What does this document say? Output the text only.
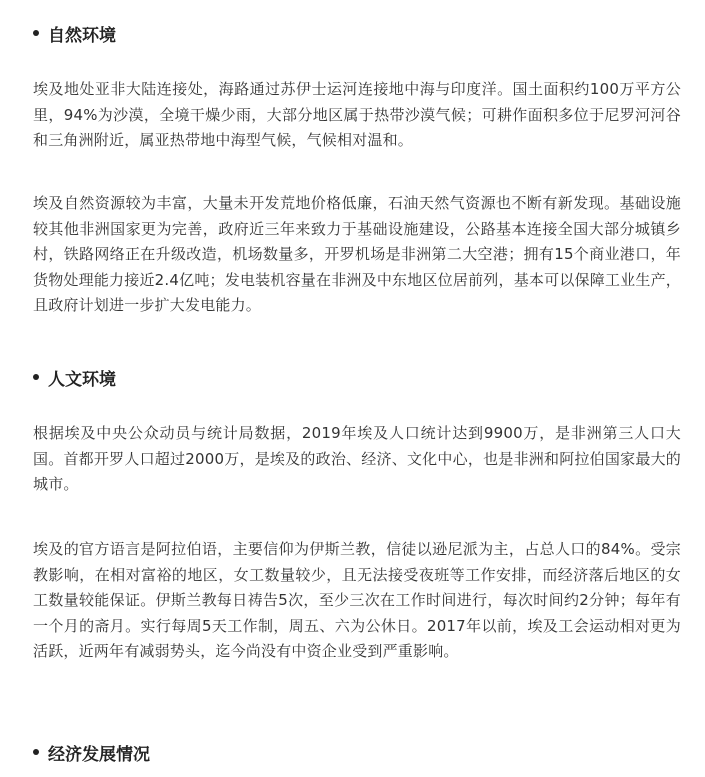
自然环境

埃及地处亚非大陆连接处，海路通过苏伊士运河连接地中海与印度洋。国土面积约100万平方公里，94%为沙漠，全境干燥少雨，大部分地区属于热带沙漠气候；可耕作面积多位于尼罗河河谷和三角洲附近，属亚热带地中海型气候，气候相对温和。

埃及自然资源较为丰富，大量未开发荒地价格低廉，石油天然气资源也不断有新发现。基础设施较其他非洲国家更为完善，政府近三年来致力于基础设施建设，公路基本连接全国大部分城镇乡村，铁路网络正在升级改造，机场数量多，开罗机场是非洲第二大空港；拥有15个商业港口，年货物处理能力接近2.4亿吨；发电装机容量在非洲及中东地区位居前列，基本可以保障工业生产，且政府计划进一步扩大发电能力。

人文环境

根据埃及中央公众动员与统计局数据，2019年埃及人口统计达到9900万，是非洲第三人口大国。首都开罗人口超过2000万，是埃及的政治、经济、文化中心，也是非洲和阿拉伯国家最大的城市。

埃及的官方语言是阿拉伯语，主要信仰为伊斯兰教，信徒以逊尼派为主，占总人口的84%。受宗教影响，在相对富裕的地区，女工数量较少，且无法接受夜班等工作安排，而经济落后地区的女工数量较能保证。伊斯兰教每日祷告5次，至少三次在工作时间进行，每次时间约2分钟；每年有一个月的斋月。实行每周5天工作制，周五、六为公休日。2017年以前，埃及工会运动相对更为活跃，近两年有减弱势头，迄今尚没有中资企业受到严重影响。

经济发展情况
